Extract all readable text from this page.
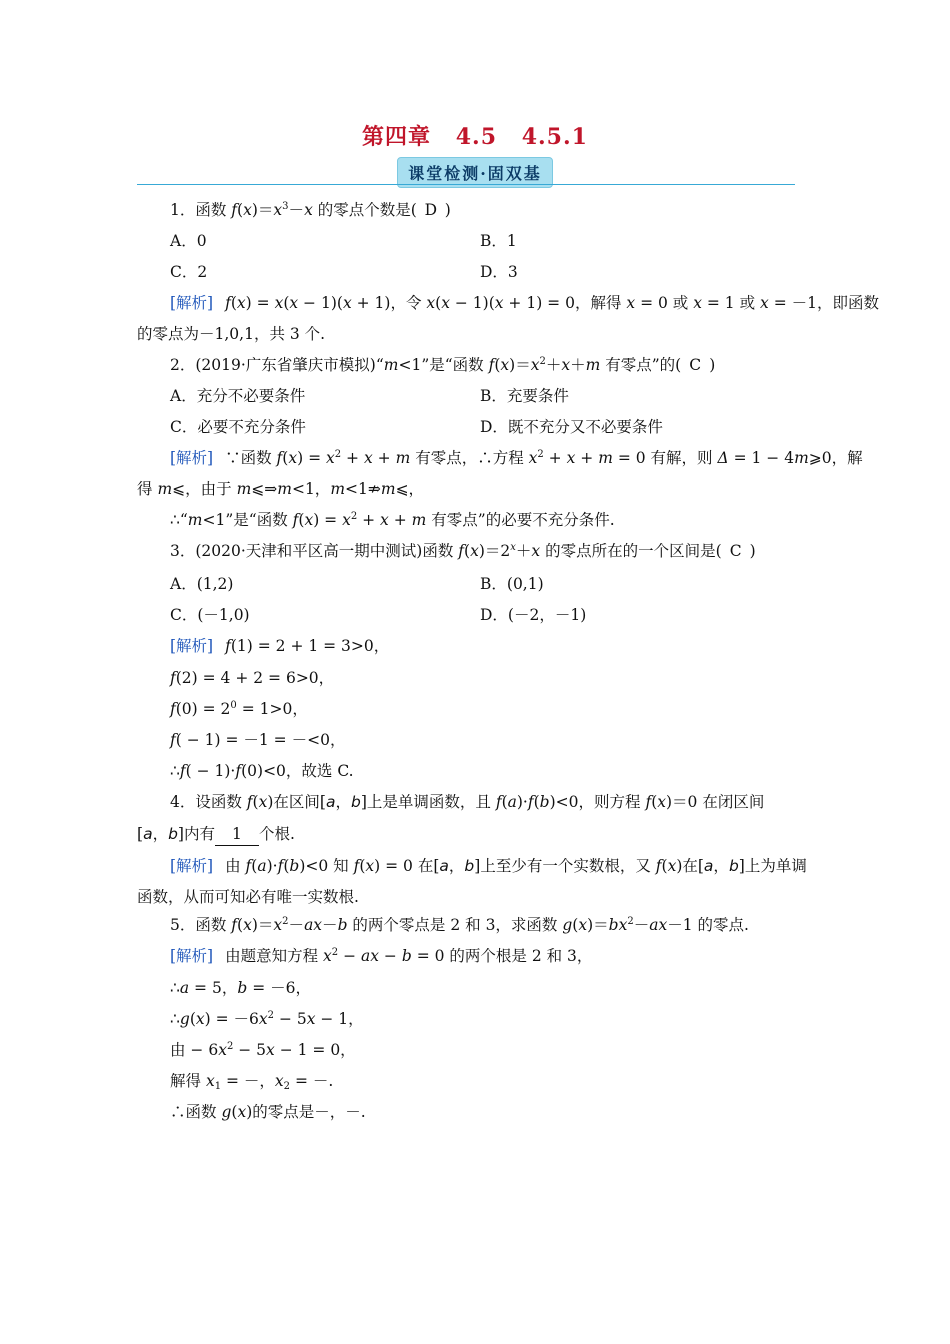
第四章 4.5 4.5.1
课堂检测·固双基
1．函数 $f(x)=x^3-x$ 的零点个数是( D )
A．0	B．1
C．2	D．3
[解析] f(x) = x(x − 1)(x + 1)，令 x(x − 1)(x + 1) = 0，解得 x = 0 或 x = 1 或 x = －1，即函数
的零点为－1,0,1，共 3 个.
2．(2019·广东省肇庆市模拟)“m<1”是“函数 $f(x)=x^2+x+m$ 有零点”的( C )
A．充分不必要条件	B．充要条件
C．必要不充分条件	D．既不充分又不必要条件
[解析] ∵函数 $f(x) = x^2 + x + m$ 有零点，∴方程 $x^2 + x + m = 0$ 有解，则 Δ = 1 − 4m⩾0，解
得 m⩽，由于 m⩽⇒m<1，m<1⇏m⩽，
∴“m<1”是“函数 $f(x) = x^2 + x + m$ 有零点”的必要不充分条件.
3．(2020·天津和平区高一期中测试)函数 $f(x)=2^x+x$ 的零点所在的一个区间是( C )
A．(1,2)	B．(0,1)
C．(－1,0)	D．(－2，－1)
[解析] f(1) = 2 + 1 = 3>0，
f(2) = 4 + 2 = 6>0，
$f(0) = 2^0 = 1>0$，
f( − 1) = －1 = －<0，
∴f( − 1)·f(0)<0，故选 C.
4．设函数 f(x)在区间[a，b]上是单调函数，且 f(a)·f(b)<0，则方程 f(x)＝0 在闭区间
[a，b]内有 1 个根.
[解析] 由 f(a)·f(b)<0 知 f(x) = 0 在[a，b]上至少有一个实数根，又 f(x)在[a，b]上为单调
函数，从而可知必有唯一实数根.
5．函数 $f(x)=x^2-ax-b$ 的两个零点是 2 和 3，求函数 $g(x)=bx^2-ax-1$ 的零点.
[解析] 由题意知方程 $x^2$ − ax − b = 0 的两个根是 2 和 3，
∴a = 5，b = －6，
∴g(x) = $-6x^2 - 5x - 1$，
由 − $6x^2 - 5x - 1 = 0$，
解得 $x_1$ = －，$x_2$ = －.
∴函数 g(x)的零点是－，－.
